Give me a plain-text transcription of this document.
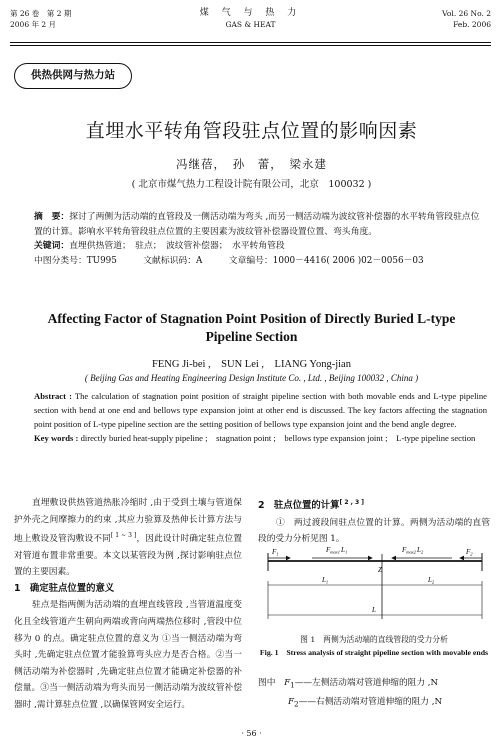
第 26 卷　第 2 期
2006 年 2 月
煤 气 与 热 力
GAS & HEAT
Vol. 26 No. 2
Feb. 2006
供热供网与热力站
直埋水平转角管段驻点位置的影响因素
冯继蓓，　孙　蕾，　梁永建
( 北京市煤气热力工程设计院有限公司，北京　100032 )
摘　要：探讨了两侧为活动端的直管段及一侧活动端为弯头 ,而另一侧活动端为波纹管补偿器的水平转角管段驻点位置的计算。影响水平转角管段驻点位置的主要因素为波纹管补偿器设置位置、弯头角度。
关键词：直埋供热管道；　驻点；　波纹管补偿器；　水平转角管段
中图分类号：TU995　　　文献标识码：A　　　文章编号：1000－4416( 2006 )02－0056－03
Affecting Factor of Stagnation Point Position of Directly Buried L-type Pipeline Section
FENG Ji-bei ,　SUN Lei ,　LIANG Yong-jian
( Beijing Gas and Heating Engineering Design Institute Co. , Ltd. , Beijing 100032 , China )
Abstract : The calculation of stagnation point position of straight pipeline section with both movable ends and L-type pipeline section with bend at one end and bellows type expansion joint at other end is discussed. The key factors affecting the stagnation point position of L-type pipeline section are the setting position of bellows type expansion joint and the bend angle degree.
Key words : directly buried heat-supply pipeline ;　stagnation point ;　bellows type expansion joint ;　L-type pipeline section
直埋敷设供热管道热胀冷缩时 ,由于受到土壤与管道保护外壳之间摩擦力的约束 ,其应力验算及热伸长计算方法与地上敷设及管沟敷设不同[ 1 ~ 3 ]，因此设计时确定驻点位置对管道布置非常重要。本文以某管段为例 ,探讨影响驻点位置的主要因素。
1　确定驻点位置的意义
驻点是指两侧为活动端的直埋直线管段 ,当管道温度变化且全线管道产生朝向两端或背向两端热位移时 ,管段中位移为 0 的点。确定驻点位置的意义为 ①当一侧活动端为弯头时 ,先确定驻点位置才能验算弯头应力是否合格。②当一侧活动端为补偿器时 ,先确定驻点位置才能确定补偿器的补偿量。③当一侧活动端为弯头而另一侧活动端为波纹管补偿器时 ,需计算驻点位置 ,以确保管网安全运行。
2　驻点位置的计算[ 2 , 3 ]
①　两过渡段间驻点位置的计算。两侧为活动端的直管段的受力分析见图 1。
$F_1$	$F_{max1}L_1$
Z
$F_{max2}L_2$	$F_2$
$L_1$	$L_2$
L
图 1　两侧为活动端的直线管段的受力分析
Fig. 1　Stress analysis of straight pipeline section with movable ends
图中　 $F_1——$左侧活动端对管道伸缩的阻力 ,N
$F_2——$右侧活动端对管道伸缩的阻力 ,N
· 56 ·
